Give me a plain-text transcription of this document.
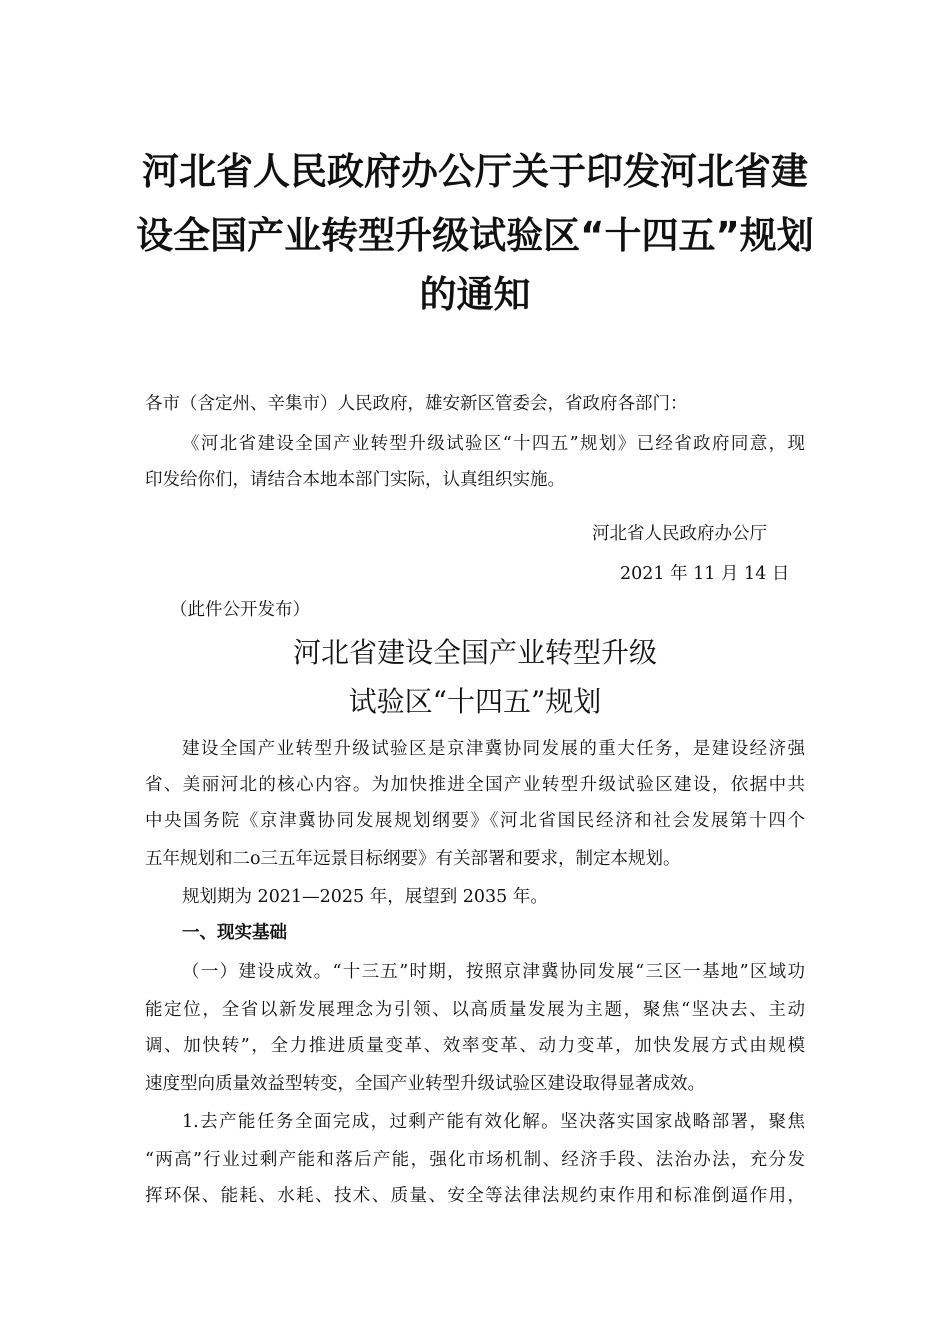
河北省人民政府办公厅关于印发河北省建
设全国产业转型升级试验区“十四五”规划
的通知
各市（含定州、辛集市）人民政府，雄安新区管委会，省政府各部门：
《河北省建设全国产业转型升级试验区“十四五”规划》已经省政府同意，现
印发给你们，请结合本地本部门实际，认真组织实施。
河北省人民政府办公厅
2021 年 11 月 14 日
（此件公开发布）
河北省建设全国产业转型升级
试验区“十四五”规划
建设全国产业转型升级试验区是京津冀协同发展的重大任务，是建设经济强
省、美丽河北的核心内容。为加快推进全国产业转型升级试验区建设，依据中共
中央国务院《京津冀协同发展规划纲要》《河北省国民经济和社会发展第十四个
五年规划和二o三五年远景目标纲要》有关部署和要求，制定本规划。
规划期为 2021—2025 年，展望到 2035 年。
一、现实基础
（一）建设成效。“十三五”时期，按照京津冀协同发展“三区一基地”区域功
能定位，全省以新发展理念为引领、以高质量发展为主题，聚焦“坚决去、主动
调、加快转”，全力推进质量变革、效率变革、动力变革，加快发展方式由规模
速度型向质量效益型转变，全国产业转型升级试验区建设取得显著成效。
1.去产能任务全面完成，过剩产能有效化解。坚决落实国家战略部署，聚焦
“两高”行业过剩产能和落后产能，强化市场机制、经济手段、法治办法，充分发
挥环保、能耗、水耗、技术、质量、安全等法律法规约束作用和标准倒逼作用，
